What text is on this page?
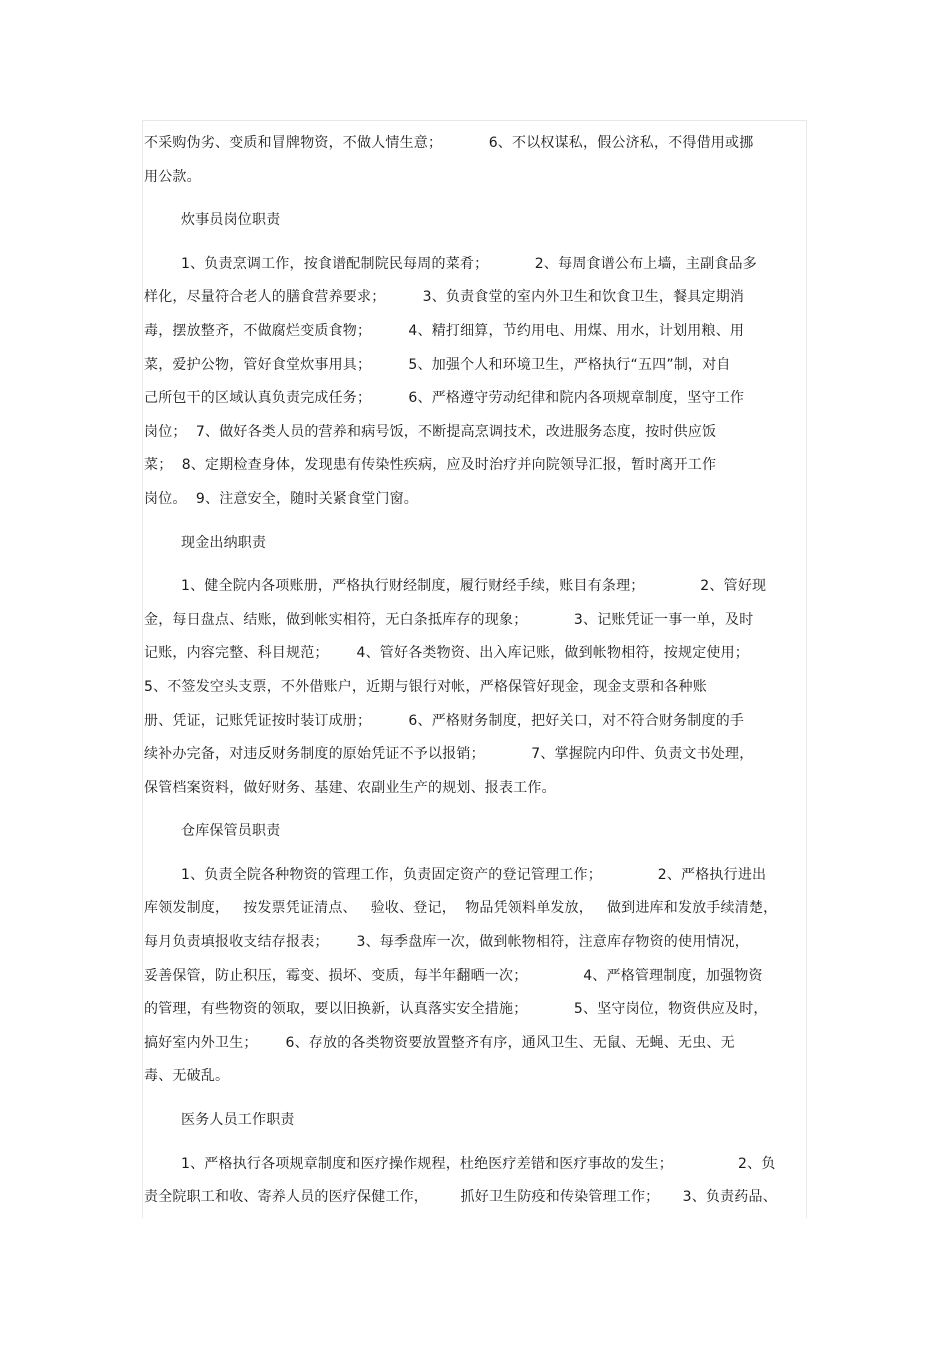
不采购伪劣、变质和冒牌物资，不做人情生意；          6、不以权谋私，假公济私，不得借用或挪
用公款。
炊事员岗位职责
1、负责烹调工作，按食谱配制院民每周的菜肴；          2、每周食谱公布上墙，主副食品多
样化，尽量符合老人的膳食营养要求；        3、负责食堂的室内外卫生和饮食卫生，餐具定期消
毒，摆放整齐，不做腐烂变质食物；        4、精打细算，节约用电、用煤、用水，计划用粮、用
菜，爱护公物，管好食堂炊事用具；        5、加强个人和环境卫生，严格执行“五四”制，对自
己所包干的区域认真负责完成任务；        6、严格遵守劳动纪律和院内各项规章制度，坚守工作
岗位；  7、做好各类人员的营养和病号饭，不断提高烹调技术，改进服务态度，按时供应饭
菜；  8、定期检查身体，发现患有传染性疾病，应及时治疗并向院领导汇报，暂时离开工作
岗位。  9、注意安全，随时关紧食堂门窗。
现金出纳职责
1、健全院内各项账册，严格执行财经制度，履行财经手续，账目有条理；            2、管好现
金，每日盘点、结账，做到帐实相符，无白条抵库存的现象；          3、记账凭证一事一单，及时
记账，内容完整、科目规范；      4、管好各类物资、出入库记账，做到帐物相符，按规定使用；
5、不签发空头支票，不外借账户，近期与银行对帐，严格保管好现金，现金支票和各种账
册、凭证，记账凭证按时装订成册；        6、严格财务制度，把好关口，对不符合财务制度的手
续补办完备，对违反财务制度的原始凭证不予以报销；          7、掌握院内印件、负责文书处理，
保管档案资料，做好财务、基建、农副业生产的规划、报表工作。
仓库保管员职责
1、负责全院各种物资的管理工作，负责固定资产的登记管理工作；            2、严格执行进出
库领发制度，   按发票凭证清点、   验收、登记，  物品凭领料单发放，   做到进库和发放手续清楚，
每月负责填报收支结存报表；      3、每季盘库一次，做到帐物相符，注意库存物资的使用情况，
妥善保管，防止积压，霉变、损坏、变质，每半年翻晒一次；            4、严格管理制度，加强物资
的管理，有些物资的领取，要以旧换新，认真落实安全措施；          5、坚守岗位，物资供应及时，
搞好室内外卫生；      6、存放的各类物资要放置整齐有序，通风卫生、无鼠、无蝇、无虫、无
毒、无破乱。
医务人员工作职责
1、严格执行各项规章制度和医疗操作规程，杜绝医疗差错和医疗事故的发生；              2、负
责全院职工和收、寄养人员的医疗保健工作，       抓好卫生防疫和传染管理工作；     3、负责药品、
